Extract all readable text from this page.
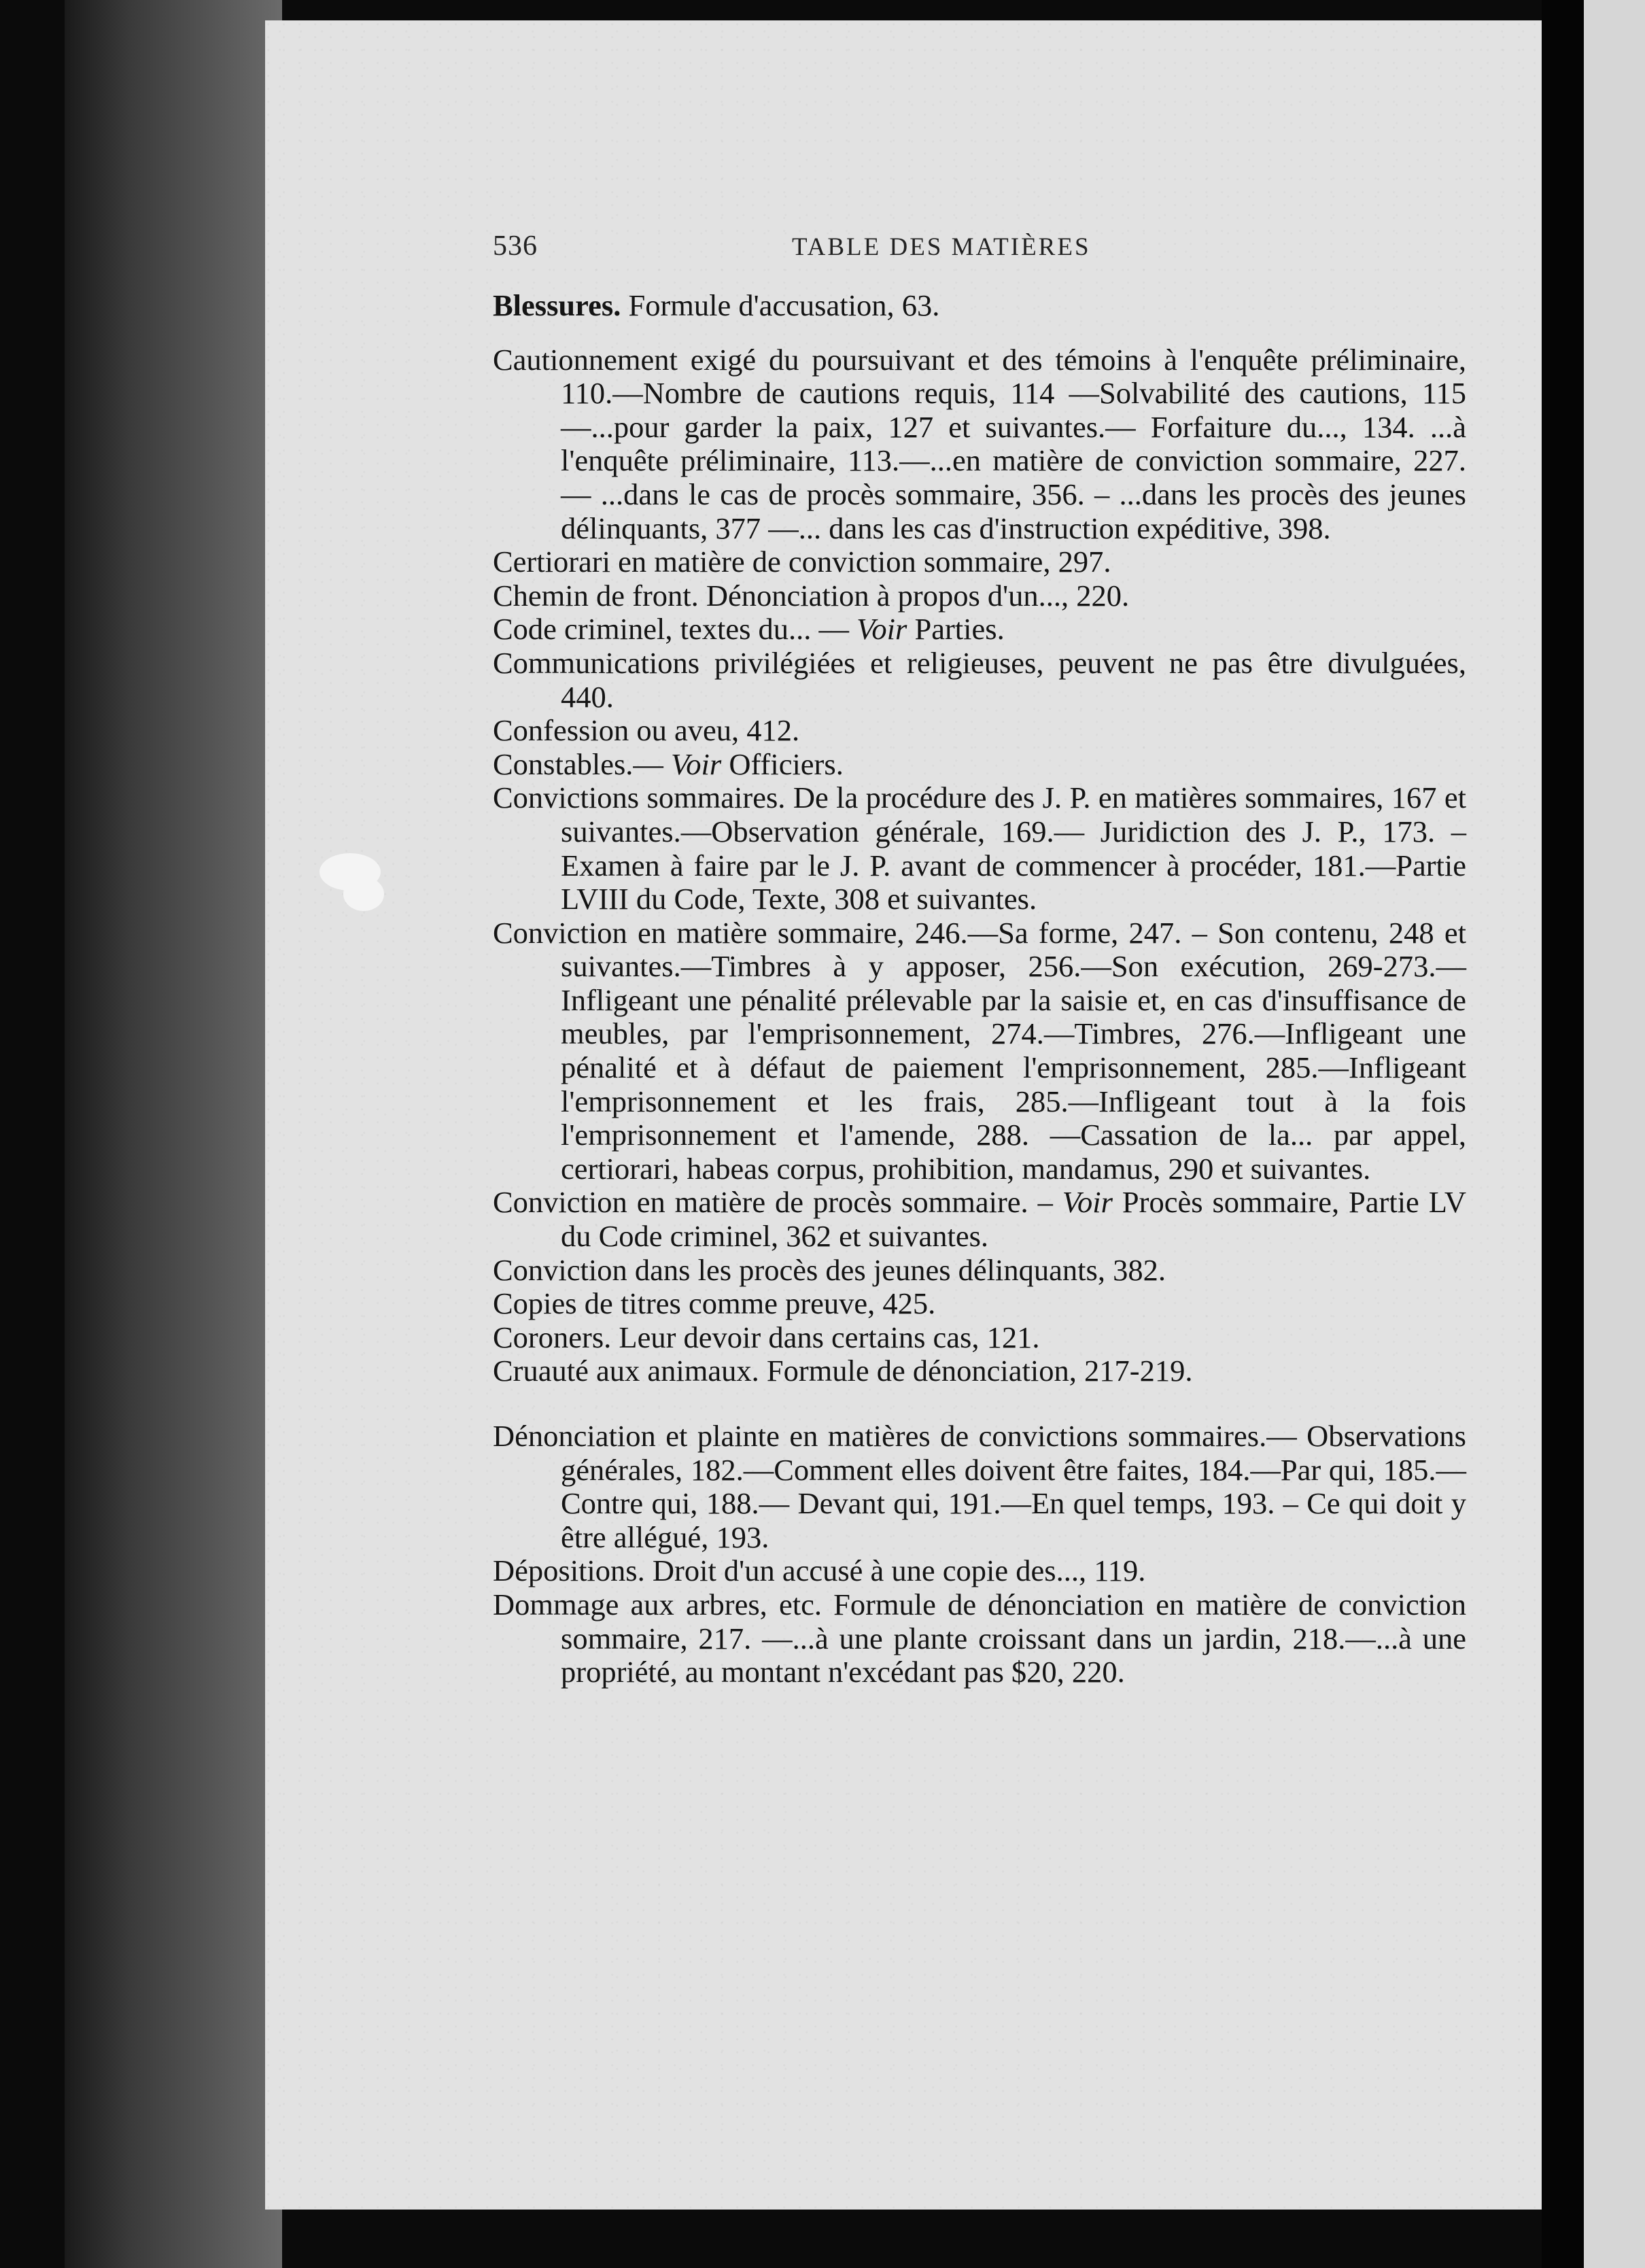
536	TABLE DES MATIÈRES

Blessures. Formule d'accusation, 63.

Cautionnement exigé du poursuivant et des témoins à l'enquête préliminaire, 110.—Nombre de cautions requis, 114 —Solvabilité des cautions, 115 —...pour garder la paix, 127 et suivantes.— Forfaiture du..., 134. ...à l'enquête préliminaire, 113.—...en matière de conviction sommaire, 227.— ...dans le cas de procès sommaire, 356. – ...dans les procès des jeunes délinquants, 377 —... dans les cas d'instruction expéditive, 398.

Certiorari en matière de conviction sommaire, 297.

Chemin de front. Dénonciation à propos d'un..., 220.

Code criminel, textes du... — Voir Parties.

Communications privilégiées et religieuses, peuvent ne pas être divulguées, 440.

Confession ou aveu, 412.

Constables.— Voir Officiers.

Convictions sommaires. De la procédure des J. P. en matières sommaires, 167 et suivantes.—Observation générale, 169.— Juridiction des J. P., 173. – Examen à faire par le J. P. avant de commencer à procéder, 181.—Partie LVIII du Code, Texte, 308 et suivantes.

Conviction en matière sommaire, 246.—Sa forme, 247. – Son contenu, 248 et suivantes.—Timbres à y apposer, 256.—Son exécution, 269-273.— Infligeant une pénalité prélevable par la saisie et, en cas d'insuffisance de meubles, par l'emprisonnement, 274.—Timbres, 276.—Infligeant une pénalité et à défaut de paiement l'emprisonnement, 285.—Infligeant l'emprisonnement et les frais, 285.—Infligeant tout à la fois l'emprisonnement et l'amende, 288. —Cassation de la... par appel, certiorari, habeas corpus, prohibition, mandamus, 290 et suivantes.

Conviction en matière de procès sommaire. – Voir Procès sommaire, Partie LV du Code criminel, 362 et suivantes.

Conviction dans les procès des jeunes délinquants, 382.

Copies de titres comme preuve, 425.

Coroners. Leur devoir dans certains cas, 121.

Cruauté aux animaux. Formule de dénonciation, 217-219.

Dénonciation et plainte en matières de convictions sommaires.— Observations générales, 182.—Comment elles doivent être faites, 184.—Par qui, 185.—Contre qui, 188.— Devant qui, 191.—En quel temps, 193. – Ce qui doit y être allégué, 193.

Dépositions. Droit d'un accusé à une copie des..., 119.

Dommage aux arbres, etc. Formule de dénonciation en matière de conviction sommaire, 217. —...à une plante croissant dans un jardin, 218.—...à une propriété, au montant n'excédant pas $20, 220.
